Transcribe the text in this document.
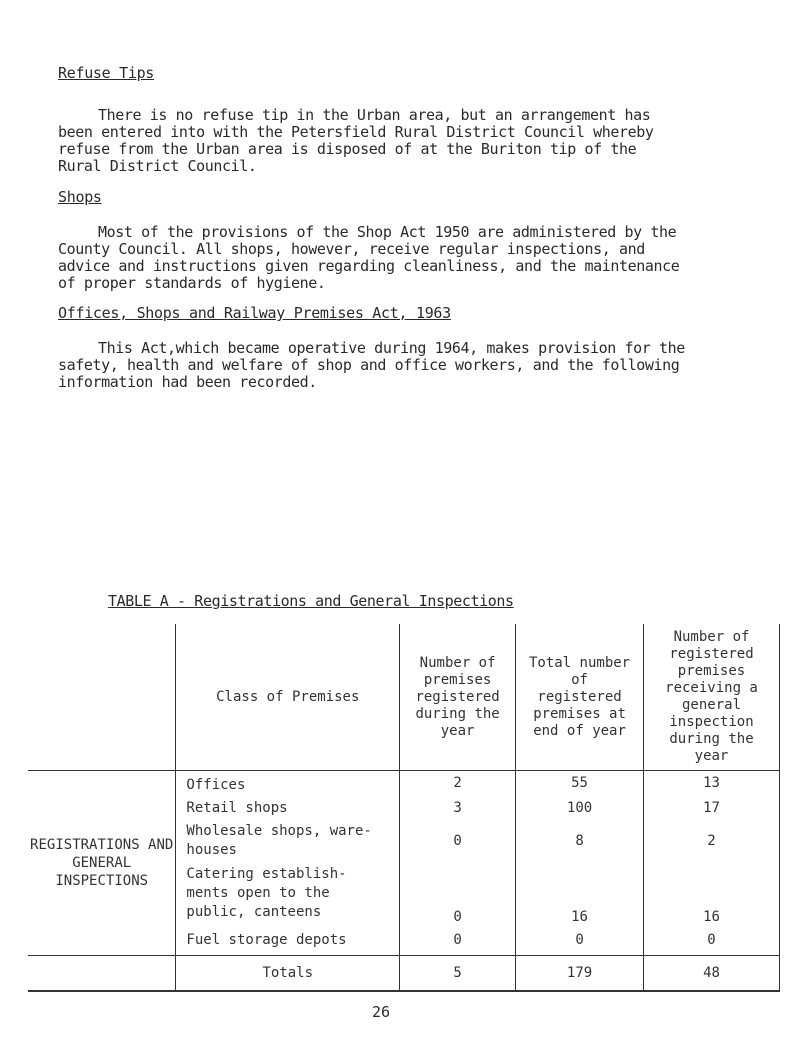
Refuse Tips
There is no refuse tip in the Urban area, but an arrangement has
been entered into with the Petersfield Rural District Council whereby
refuse from the Urban area is disposed of at the Buriton tip of the
Rural District Council.
Shops
Most of the provisions of the Shop Act 1950 are administered by the
County Council. All shops, however, receive regular inspections, and
advice and instructions given regarding cleanliness, and the maintenance
of proper standards of hygiene.
Offices, Shops and Railway Premises Act, 1963
This Act,which became operative during 1964, makes provision for the
safety, health and welfare of shop and office workers, and the following
information had been recorded.
TABLE A - Registrations and General Inspections
	Class of Premises	Number of premises registered during the year	Total number of registered premises at end of year	Number of registered premises receiving a general inspection during the year
REGISTRATIONS AND GENERAL INSPECTIONS	Offices	2	55	13
	Retail shops	3	100	17
	Wholesale shops, ware-houses	0	8	2
	Catering establish-ments open to the public, canteens	0	16	16
	Fuel storage depots	0	0	0
	Totals	5	179	48
26
